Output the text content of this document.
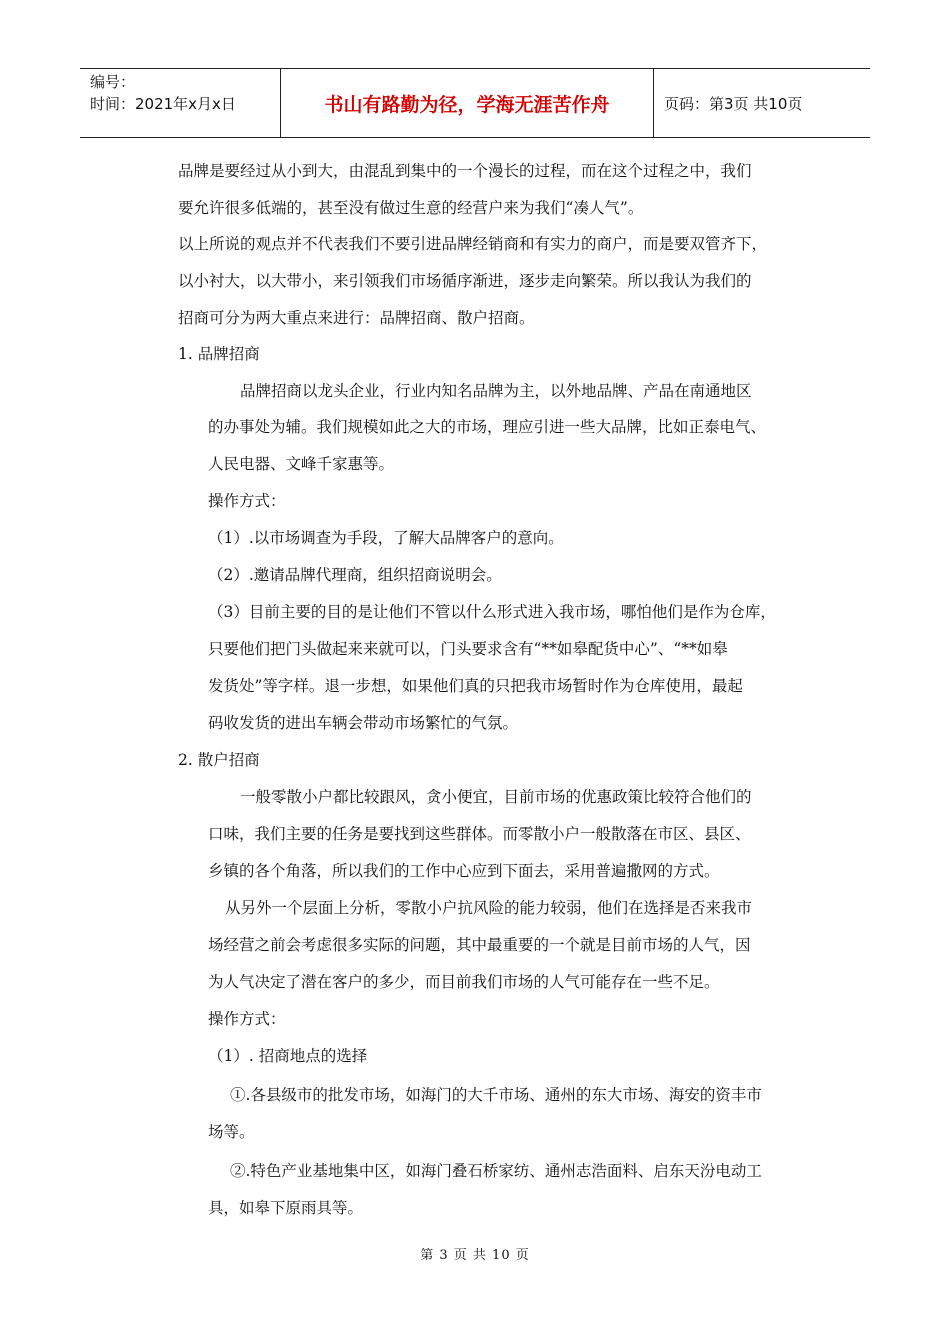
编号：
时间：2021年x月x日	书山有路勤为径，学海无涯苦作舟	页码：第3页 共10页
品牌是要经过从小到大，由混乱到集中的一个漫长的过程，而在这个过程之中，我们
要允许很多低端的，甚至没有做过生意的经营户来为我们“凑人气”。
以上所说的观点并不代表我们不要引进品牌经销商和有实力的商户，而是要双管齐下，
以小衬大，以大带小，来引领我们市场循序渐进，逐步走向繁荣。所以我认为我们的
招商可分为两大重点来进行：品牌招商、散户招商。
1. 品牌招商
品牌招商以龙头企业，行业内知名品牌为主，以外地品牌、产品在南通地区
的办事处为辅。我们规模如此之大的市场，理应引进一些大品牌，比如正泰电气、
人民电器、文峰千家惠等。
操作方式：
（1）.以市场调查为手段，了解大品牌客户的意向。
（2）.邀请品牌代理商，组织招商说明会。
（3）目前主要的目的是让他们不管以什么形式进入我市场，哪怕他们是作为仓库，
只要他们把门头做起来来就可以，门头要求含有“**如皋配货中心”、“**如皋
发货处”等字样。退一步想，如果他们真的只把我市场暂时作为仓库使用，最起
码收发货的进出车辆会带动市场繁忙的气氛。
2. 散户招商
一般零散小户都比较跟风，贪小便宜，目前市场的优惠政策比较符合他们的
口味，我们主要的任务是要找到这些群体。而零散小户一般散落在市区、县区、
乡镇的各个角落，所以我们的工作中心应到下面去，采用普遍撒网的方式。
从另外一个层面上分析，零散小户抗风险的能力较弱，他们在选择是否来我市
场经营之前会考虑很多实际的问题，其中最重要的一个就是目前市场的人气，因
为人气决定了潜在客户的多少，而目前我们市场的人气可能存在一些不足。
操作方式：
（1）. 招商地点的选择
①.各县级市的批发市场，如海门的大千市场、通州的东大市场、海安的资丰市
场等。
②.特色产业基地集中区，如海门叠石桥家纺、通州志浩面料、启东天汾电动工
具，如皋下原雨具等。
第 3 页 共 10 页
